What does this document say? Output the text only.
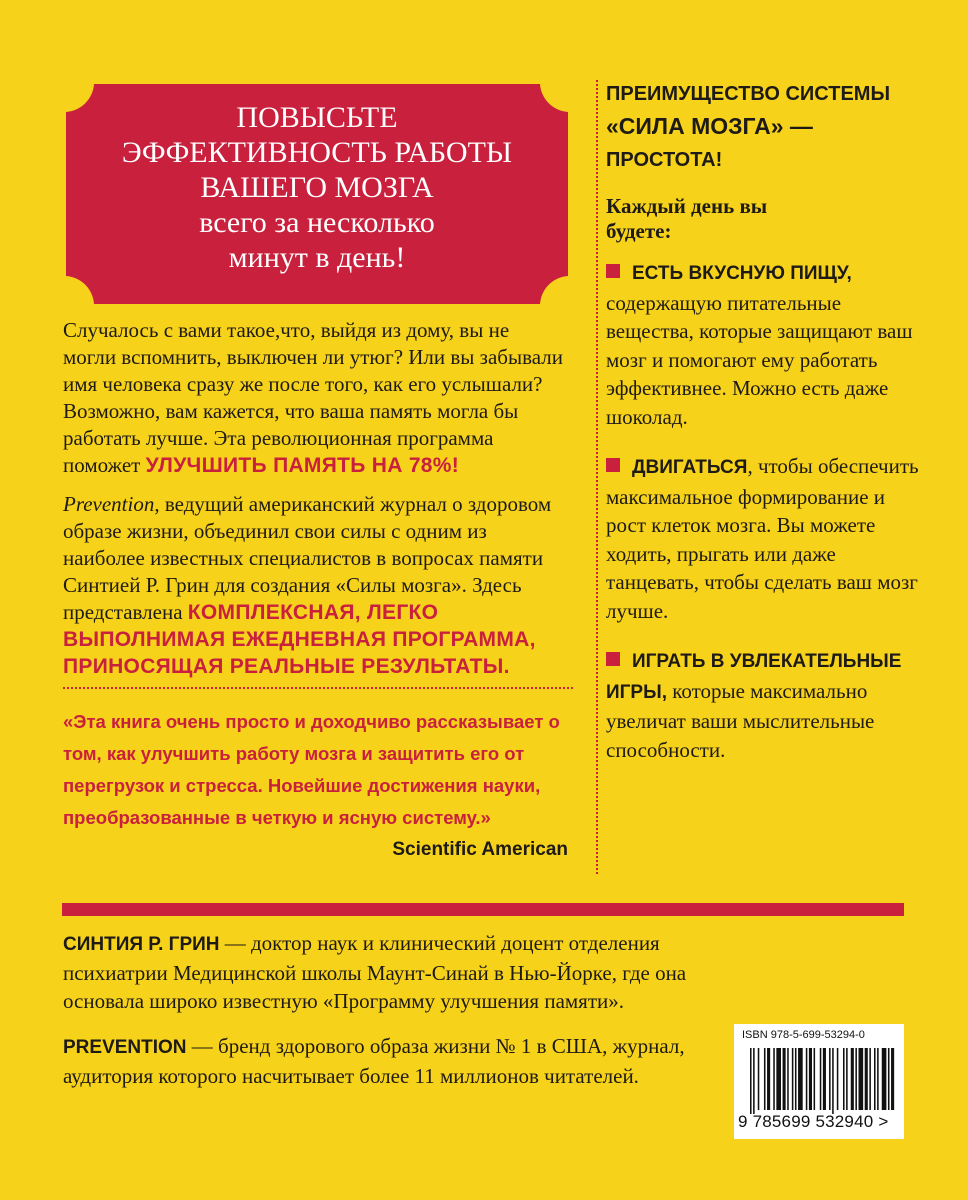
ПОВЫСЬТЕ
ЭФФЕКТИВНОСТЬ РАБОТЫ
ВАШЕГО МОЗГА
всего за несколько
минут в день!

Случалось с вами такое,что, выйдя из дому, вы не могли вспомнить, выключен ли утюг? Или вы забывали имя человека сразу же после того, как его услышали? Возможно, вам кажется, что ваша память могла бы работать лучше. Эта революционная программа поможет УЛУЧШИТЬ ПАМЯТЬ НА 78%!

Prevention, ведущий американский журнал о здоровом образе жизни, объединил свои силы с одним из наиболее известных специалистов в вопросах памяти Синтией Р. Грин для создания «Силы мозга». Здесь представлена КОМПЛЕКСНАЯ, ЛЕГКО ВЫПОЛНИМАЯ ЕЖЕДНЕВНАЯ ПРОГРАММА, ПРИНОСЯЩАЯ РЕАЛЬНЫЕ РЕЗУЛЬТАТЫ.

«Эта книга очень просто и доходчиво рассказывает о том, как улучшить работу мозга и защитить его от перегрузок и стресса. Новейшие достижения науки, преобразованные в четкую и ясную систему.»
Scientific American

ПРЕИМУЩЕСТВО СИСТЕМЫ

«СИЛА МОЗГА» —

ПРОСТОТА!

Каждый день вы будете:

ЕСТЬ ВКУСНУЮ ПИЩУ, содержащую питательные вещества, которые защищают ваш мозг и помогают ему работать эффективнее. Можно есть даже шоколад.

ДВИГАТЬСЯ, чтобы обеспечить максимальное формирование и рост клеток мозга. Вы можете ходить, прыгать или даже танцевать, чтобы сделать ваш мозг лучше.

ИГРАТЬ В УВЛЕКАТЕЛЬНЫЕ ИГРЫ, которые максимально увеличат ваши мыслительные способности.

СИНТИЯ Р. ГРИН — доктор наук и клинический доцент отделения психиатрии Медицинской школы Маунт-Синай в Нью-Йорке, где она основала широко известную «Программу улучшения памяти».

PREVENTION — бренд здорового образа жизни № 1 в США, журнал, аудитория которого насчитывает более 11 миллионов читателей.

ISBN 978-5-699-53294-0
9 785699 532940 >
